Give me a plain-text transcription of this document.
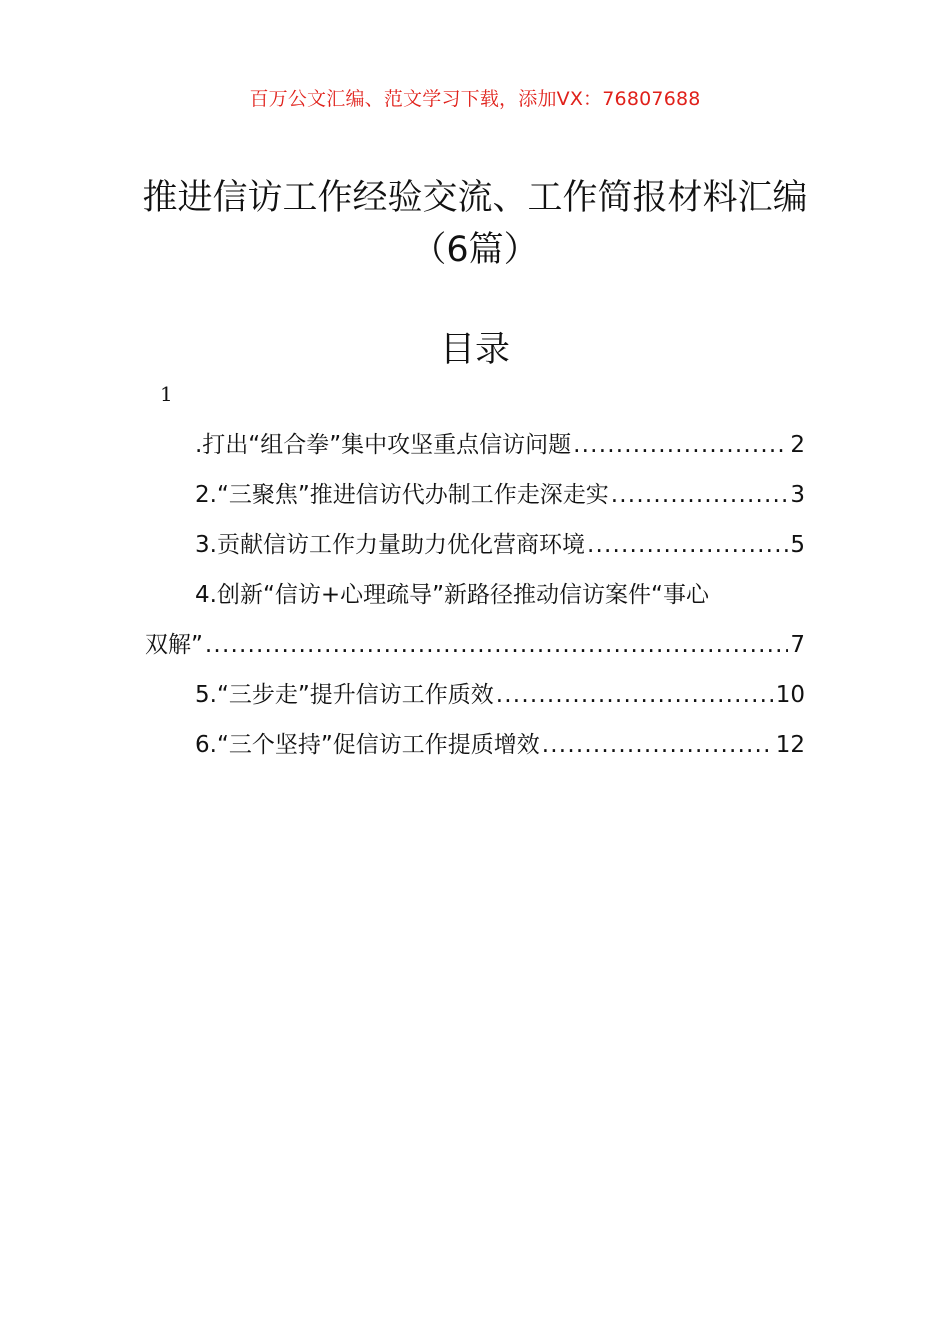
百万公文汇编、范文学习下载，添加VX：76807688
推进信访工作经验交流、工作简报材料汇编（6篇）
目录
1
.打出“组合拳”集中攻坚重点信访问题 .....	2
2.“三聚焦”推进信访代办制工作走深走实 .....	3
3.贡献信访工作力量助力优化营商环境 .....	5
4.创新“信访+心理疏导”新路径推动信访案件“事心
双解” .....	7
5.“三步走”提升信访工作质效 .....	10
6.“三个坚持”促信访工作提质增效 .....	12
